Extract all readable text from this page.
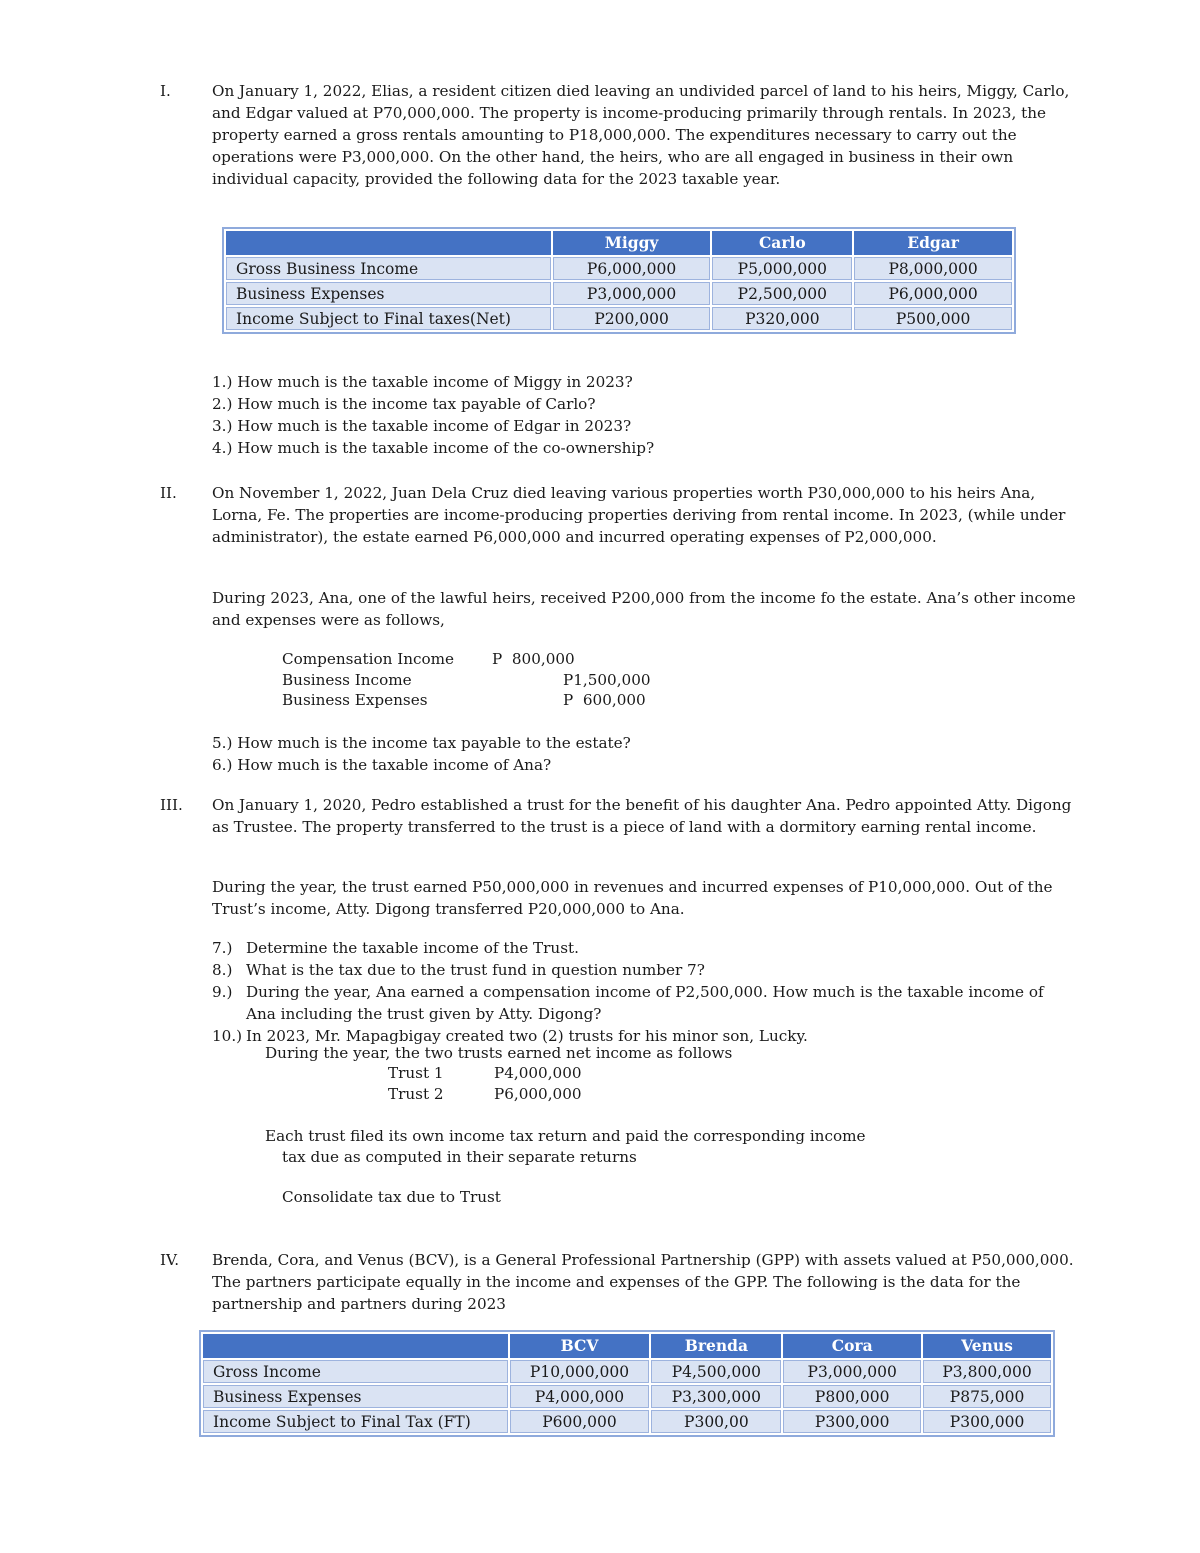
I.	On January 1, 2022, Elias, a resident citizen died leaving an undivided parcel of land to his heirs, Miggy, Carlo, and Edgar valued at P70,000,000. The property is income-producing primarily through rentals. In 2023, the property earned a gross rentals amounting to P18,000,000. The expenditures necessary to carry out the operations were P3,000,000. On the other hand, the heirs, who are all engaged in business in their own individual capacity, provided the following data for the 2023 taxable year.

	Miggy	Carlo	Edgar
Gross Business Income	P6,000,000	P5,000,000	P8,000,000
Business Expenses	P3,000,000	P2,500,000	P6,000,000
Income Subject to Final taxes(Net)	P200,000	P320,000	P500,000
1.) How much is the taxable income of Miggy in 2023?
2.) How much is the income tax payable of Carlo?
3.) How much is the taxable income of Edgar in 2023?
4.) How much is the taxable income of the co-ownership?
II.	On November 1, 2022, Juan Dela Cruz died leaving various properties worth P30,000,000 to his heirs Ana, Lorna, Fe. The properties are income-producing properties deriving from rental income. In 2023, (while under administrator), the estate earned P6,000,000 and incurred operating expenses of P2,000,000.

During 2023, Ana, one of the lawful heirs, received P200,000 from the income fo the estate. Ana’s other income and expenses were as follows,

Compensation Income P  800,000
Business Income	P1,500,000
Business Expenses	P  600,000
5.) How much is the income tax payable to the estate?
6.) How much is the taxable income of Ana?
III.	On January 1, 2020, Pedro established a trust for the benefit of his daughter Ana. Pedro appointed Atty. Digong as Trustee. The property transferred to the trust is a piece of land with a dormitory earning rental income.

During the year, the trust earned P50,000,000 in revenues and incurred expenses of P10,000,000. Out of the Trust’s income, Atty. Digong transferred P20,000,000 to Ana.

7.) Determine the taxable income of the Trust.
8.) What is the tax due to the trust fund in question number 7?
9.) During the year, Ana earned a compensation income of P2,500,000. How much is the taxable income of Ana including the trust given by Atty. Digong?
10.) In 2023, Mr. Mapagbigay created two (2) trusts for his minor son, Lucky.
During the year, the two trusts earned net income as follows
Trust 1	P4,000,000
Trust 2	P6,000,000
Each trust filed its own income tax return and paid the corresponding income
tax due as computed in their separate returns
Consolidate tax due to Trust
IV.	Brenda, Cora, and Venus (BCV), is a General Professional Partnership (GPP) with assets valued at P50,000,000. The partners participate equally in the income and expenses of the GPP. The following is the data for the partnership and partners during 2023

	BCV	Brenda	Cora	Venus
Gross Income	P10,000,000	P4,500,000	P3,000,000	P3,800,000
Business Expenses	P4,000,000	P3,300,000	P800,000	P875,000
Income Subject to Final Tax (FT)	P600,000	P300,00	P300,000	P300,000
